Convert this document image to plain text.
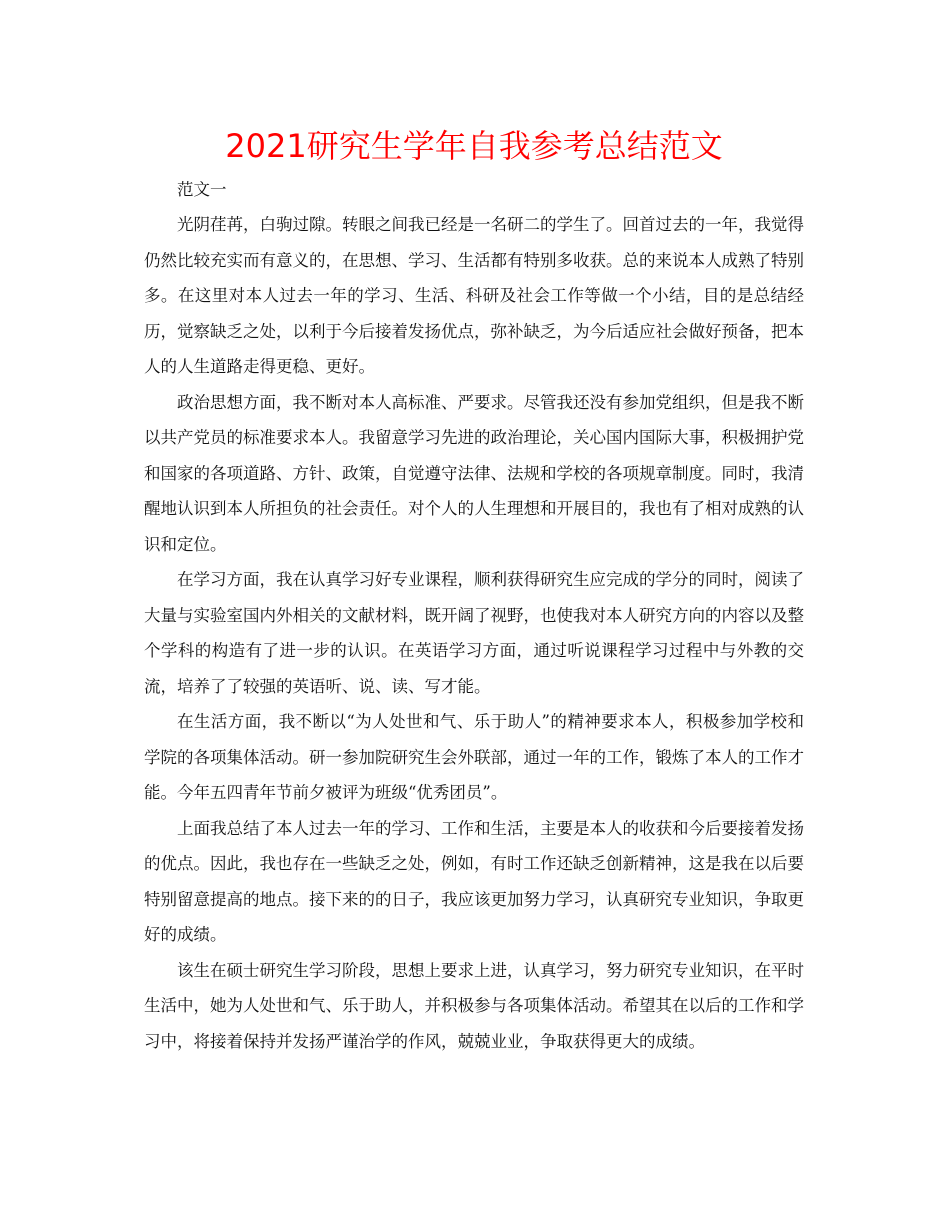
2021研究生学年自我参考总结范文

范文一

光阴荏苒，白驹过隙。转眼之间我已经是一名研二的学生了。回首过去的一年，我觉得仍然比较充实而有意义的，在思想、学习、生活都有特别多收获。总的来说本人成熟了特别多。在这里对本人过去一年的学习、生活、科研及社会工作等做一个小结，目的是总结经历，觉察缺乏之处，以利于今后接着发扬优点，弥补缺乏，为今后适应社会做好预备，把本人的人生道路走得更稳、更好。

政治思想方面，我不断对本人高标准、严要求。尽管我还没有参加党组织，但是我不断以共产党员的标准要求本人。我留意学习先进的政治理论，关心国内国际大事，积极拥护党和国家的各项道路、方针、政策，自觉遵守法律、法规和学校的各项规章制度。同时，我清醒地认识到本人所担负的社会责任。对个人的人生理想和开展目的，我也有了相对成熟的认识和定位。

在学习方面，我在认真学习好专业课程，顺利获得研究生应完成的学分的同时，阅读了大量与实验室国内外相关的文献材料，既开阔了视野，也使我对本人研究方向的内容以及整个学科的构造有了进一步的认识。在英语学习方面，通过听说课程学习过程中与外教的交流，培养了了较强的英语听、说、读、写才能。

在生活方面，我不断以“为人处世和气、乐于助人”的精神要求本人，积极参加学校和学院的各项集体活动。研一参加院研究生会外联部，通过一年的工作，锻炼了本人的工作才能。今年五四青年节前夕被评为班级“优秀团员”。

上面我总结了本人过去一年的学习、工作和生活，主要是本人的收获和今后要接着发扬的优点。因此，我也存在一些缺乏之处，例如，有时工作还缺乏创新精神，这是我在以后要特别留意提高的地点。接下来的的日子，我应该更加努力学习，认真研究专业知识，争取更好的成绩。

该生在硕士研究生学习阶段，思想上要求上进，认真学习，努力研究专业知识，在平时生活中，她为人处世和气、乐于助人，并积极参与各项集体活动。希望其在以后的工作和学习中，将接着保持并发扬严谨治学的作风，兢兢业业，争取获得更大的成绩。
